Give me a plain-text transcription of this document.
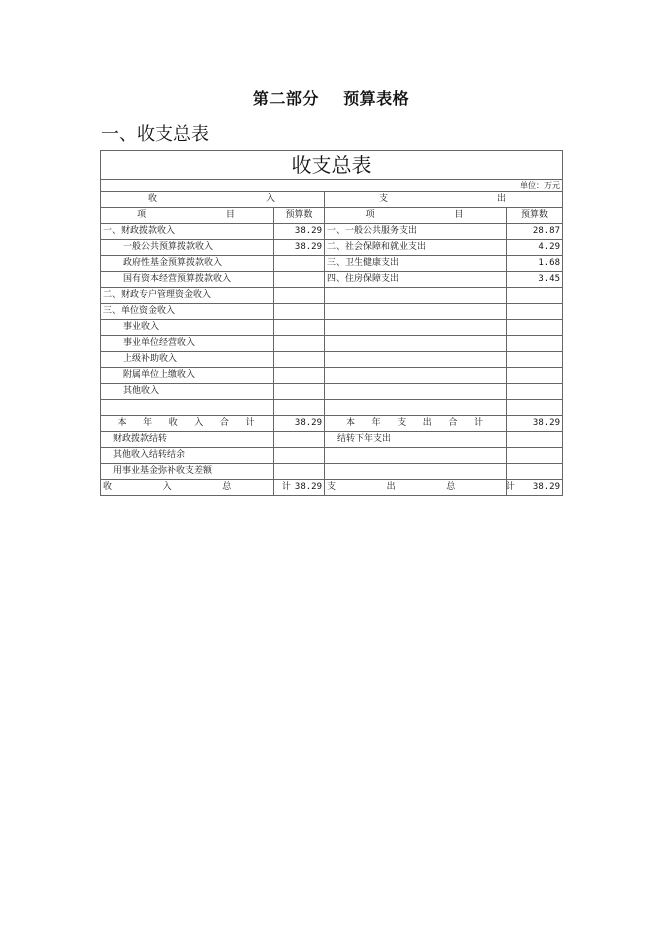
第二部分    预算表格
一、收支总表
收支总表			
单位：万元			
收                      入		支                      出	
项                目	预算数	项                目	预算数
一、财政拨款收入	38.29	一、一般公共服务支出	28.87
一般公共预算拨款收入	38.29	二、社会保障和就业支出	4.29
政府性基金预算拨款收入		三、卫生健康支出	1.68
国有资本经营预算拨款收入		四、住房保障支出	3.45
二、财政专户管理资金收入			
三、单位资金收入			
事业收入			
事业单位经营收入			
上级补助收入			
附属单位上缴收入			
其他收入			

本   年   收   入   合   计	38.29	本   年   支   出   合   计	38.29
财政拨款结转		结转下年支出	
其他收入结转结余			
用事业基金弥补收支差额			
收          入          总          计	38.29	支          出          总          计	38.29
